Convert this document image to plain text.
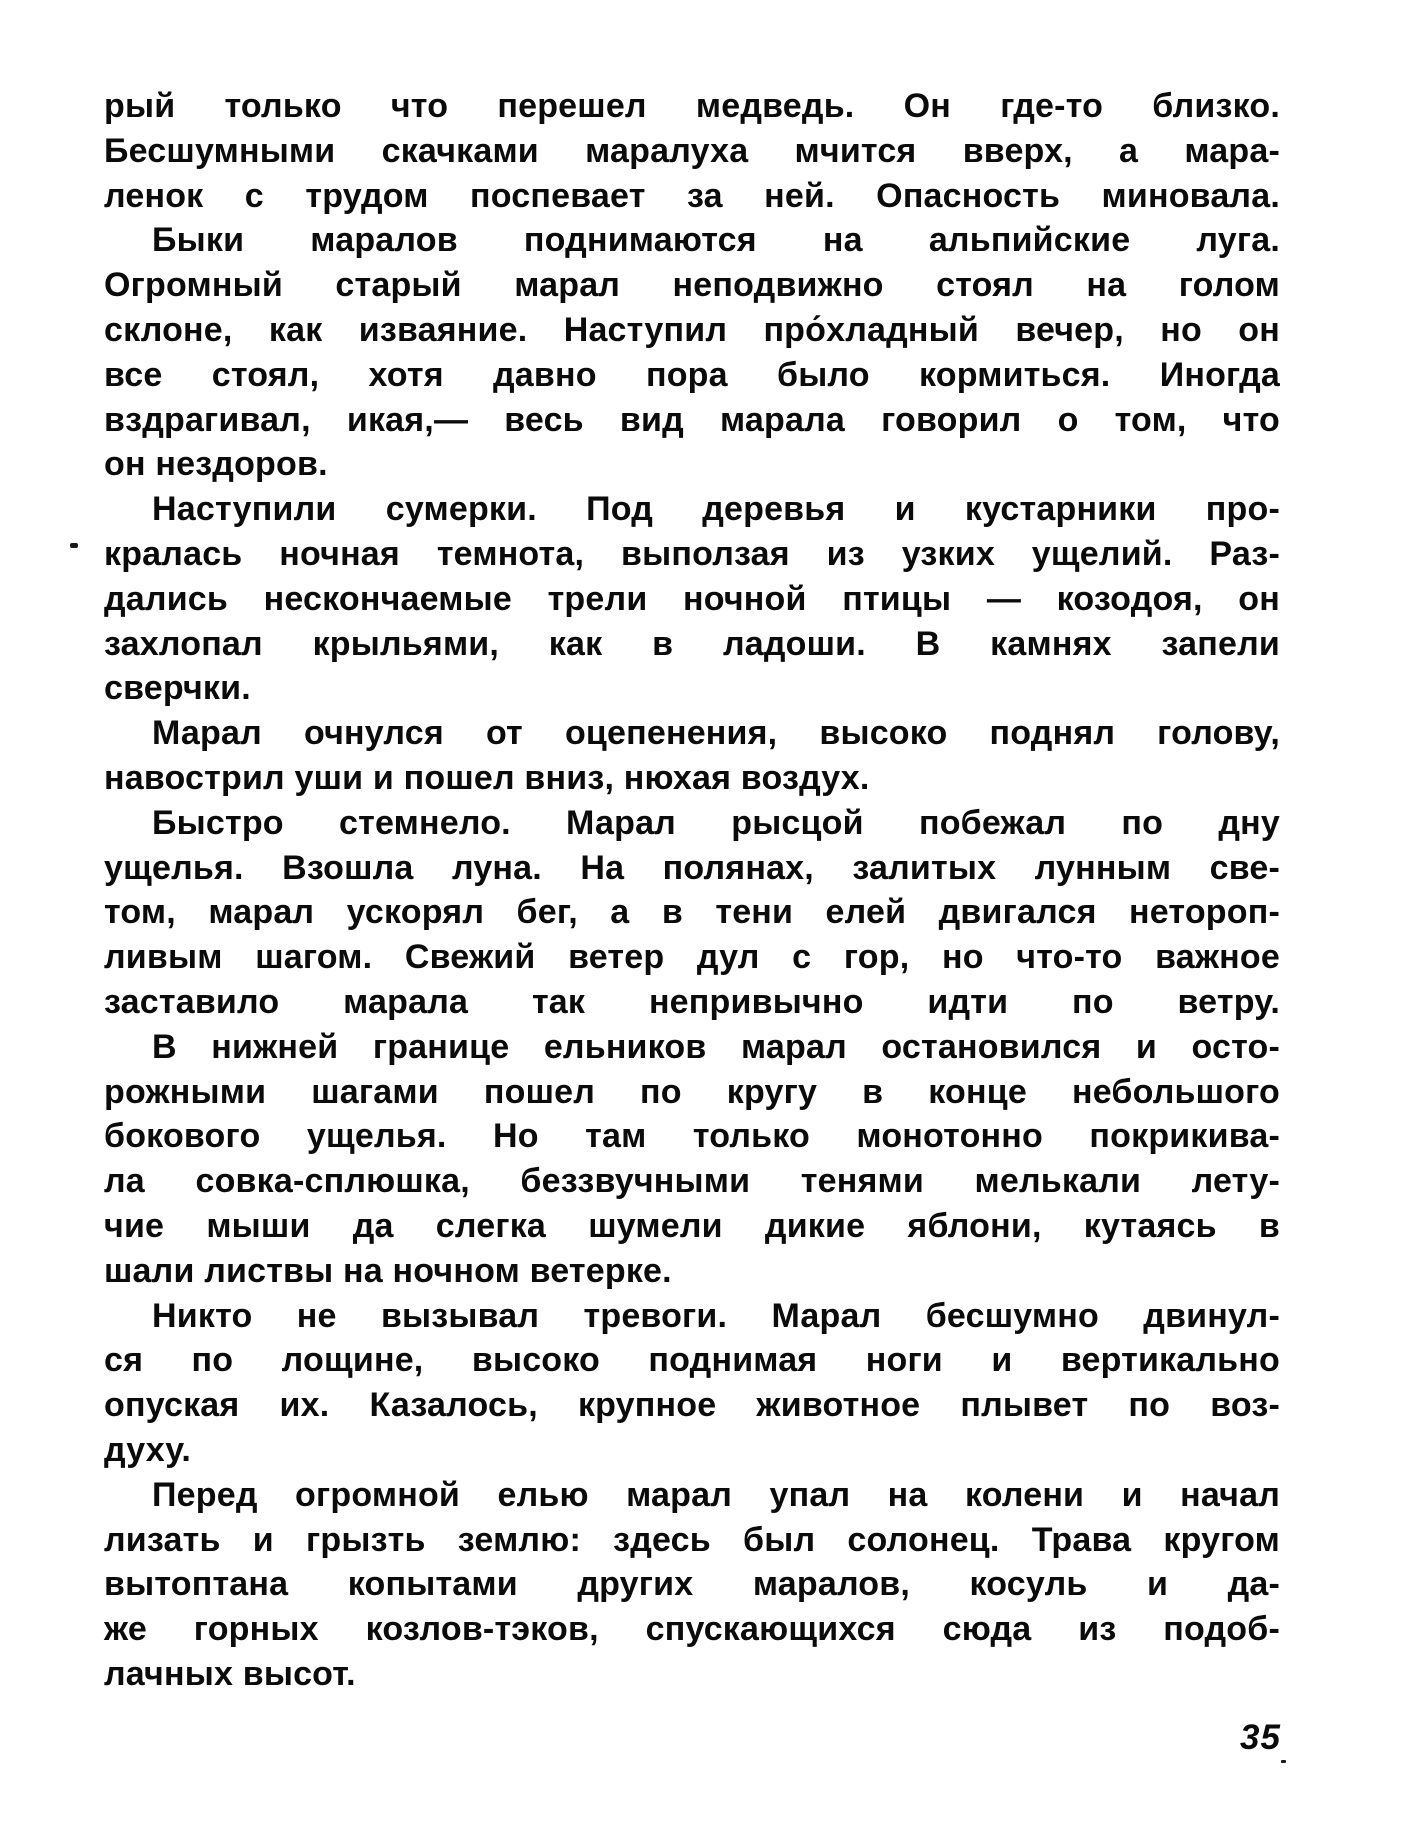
рый только что перешел медведь. Он где-то близко.
Бесшумными скачками маралуха мчится вверх, а мара-
ленок с трудом поспевает за ней. Опасность миновала.
Быки маралов поднимаются на альпийские луга.
Огромный старый марал неподвижно стоял на голом
склоне, как изваяние. Наступил про́хладный вечер, но он
все стоял, хотя давно пора было кормиться. Иногда
вздрагивал, икая,— весь вид марала говорил о том, что
он нездоров.
Наступили сумерки. Под деревья и кустарники про-
кралась ночная темнота, выползая из узких ущелий. Раз-
дались нескончаемые трели ночной птицы — козодоя, он
захлопал крыльями, как в ладоши. В камнях запели
сверчки.
Марал очнулся от оцепенения, высоко поднял голову,
навострил уши и пошел вниз, нюхая воздух.
Быстро стемнело. Марал рысцой побежал по дну
ущелья. Взошла луна. На полянах, залитых лунным све-
том, марал ускорял бег, а в тени елей двигался нетороп-
ливым шагом. Свежий ветер дул с гор, но что-то важное
заставило марала так непривычно идти по ветру.
В нижней границе ельников марал остановился и осто-
рожными шагами пошел по кругу в конце небольшого
бокового ущелья. Но там только монотонно покрикива-
ла совка-сплюшка, беззвучными тенями мелькали лету-
чие мыши да слегка шумели дикие яблони, кутаясь в
шали листвы на ночном ветерке.
Никто не вызывал тревоги. Марал бесшумно двинул-
ся по лощине, высоко поднимая ноги и вертикально
опуская их. Казалось, крупное животное плывет по воз-
духу.
Перед огромной елью марал упал на колени и начал
лизать и грызть землю: здесь был солонец. Трава кругом
вытоптана копытами других маралов, косуль и да-
же горных козлов-тэков, спускающихся сюда из подоб-
лачных высот.
35
